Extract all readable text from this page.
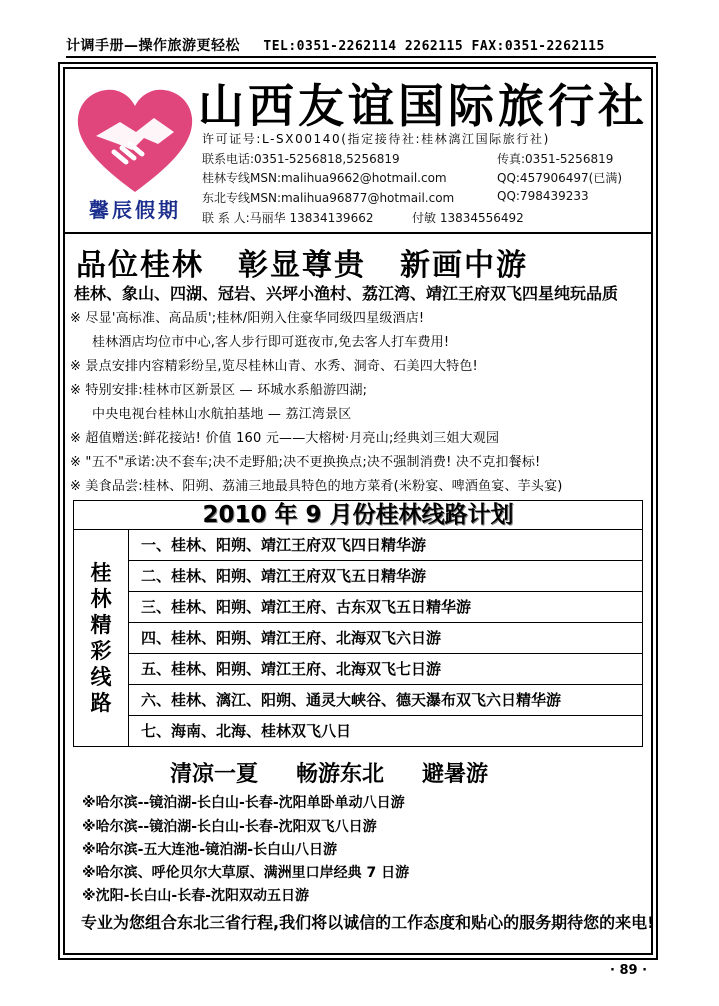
计调手册—操作旅游更轻松 TEL:0351-2262114 2262115 FAX:0351-2262115
馨辰假期
山西友谊国际旅行社
许可证号:L-SX00140(指定接待社:桂林漓江国际旅行社)
联系电话:0351-5256818,5256819	传真:0351-5256819
桂林专线MSN:malihua9662@hotmail.com	QQ:457906497(已满)
东北专线MSN:malihua96877@hotmail.com	QQ:798439233
联 系 人:马丽华 13834139662	付敏 13834556492
品位桂林 彰显尊贵 新画中游
桂林、象山、四湖、冠岩、兴坪小渔村、荔江湾、靖江王府双飞四星纯玩品质
※ 尽显'高标准、高品质';桂林/阳朔入住豪华同级四星级酒店!
桂林酒店均位市中心,客人步行即可逛夜市,免去客人打车费用!
※ 景点安排内容精彩纷呈,览尽桂林山青、水秀、洞奇、石美四大特色!
※ 特别安排:桂林市区新景区 — 环城水系船游四湖;
中央电视台桂林山水航拍基地 — 荔江湾景区
※ 超值赠送:鲜花接站! 价值 160 元——大榕树·月亮山;经典刘三姐大观园
※ "五不"承诺:决不套车;决不走野船;决不更换换点;决不强制消费! 决不克扣餐标!
※ 美食品尝:桂林、阳朔、荔浦三地最具特色的地方菜肴(米粉宴、啤酒鱼宴、芋头宴)
2010 年 9 月份桂林线路计划
桂
林
精
彩
线
路
一、桂林、阳朔、靖江王府双飞四日精华游
二、桂林、阳朔、靖江王府双飞五日精华游
三、桂林、阳朔、靖江王府、古东双飞五日精华游
四、桂林、阳朔、靖江王府、北海双飞六日游
五、桂林、阳朔、靖江王府、北海双飞七日游
六、桂林、漓江、阳朔、通灵大峡谷、德天瀑布双飞六日精华游
七、海南、北海、桂林双飞八日
清凉一夏 畅游东北 避暑游
※哈尔滨--镜泊湖-长白山-长春-沈阳单卧单动八日游
※哈尔滨--镜泊湖-长白山-长春-沈阳双飞八日游
※哈尔滨-五大连池-镜泊湖-长白山八日游
※哈尔滨、呼伦贝尔大草原、满洲里口岸经典 7 日游
※沈阳-长白山-长春-沈阳双动五日游
专业为您组合东北三省行程,我们将以诚信的工作态度和贴心的服务期待您的来电!
· 89 ·
